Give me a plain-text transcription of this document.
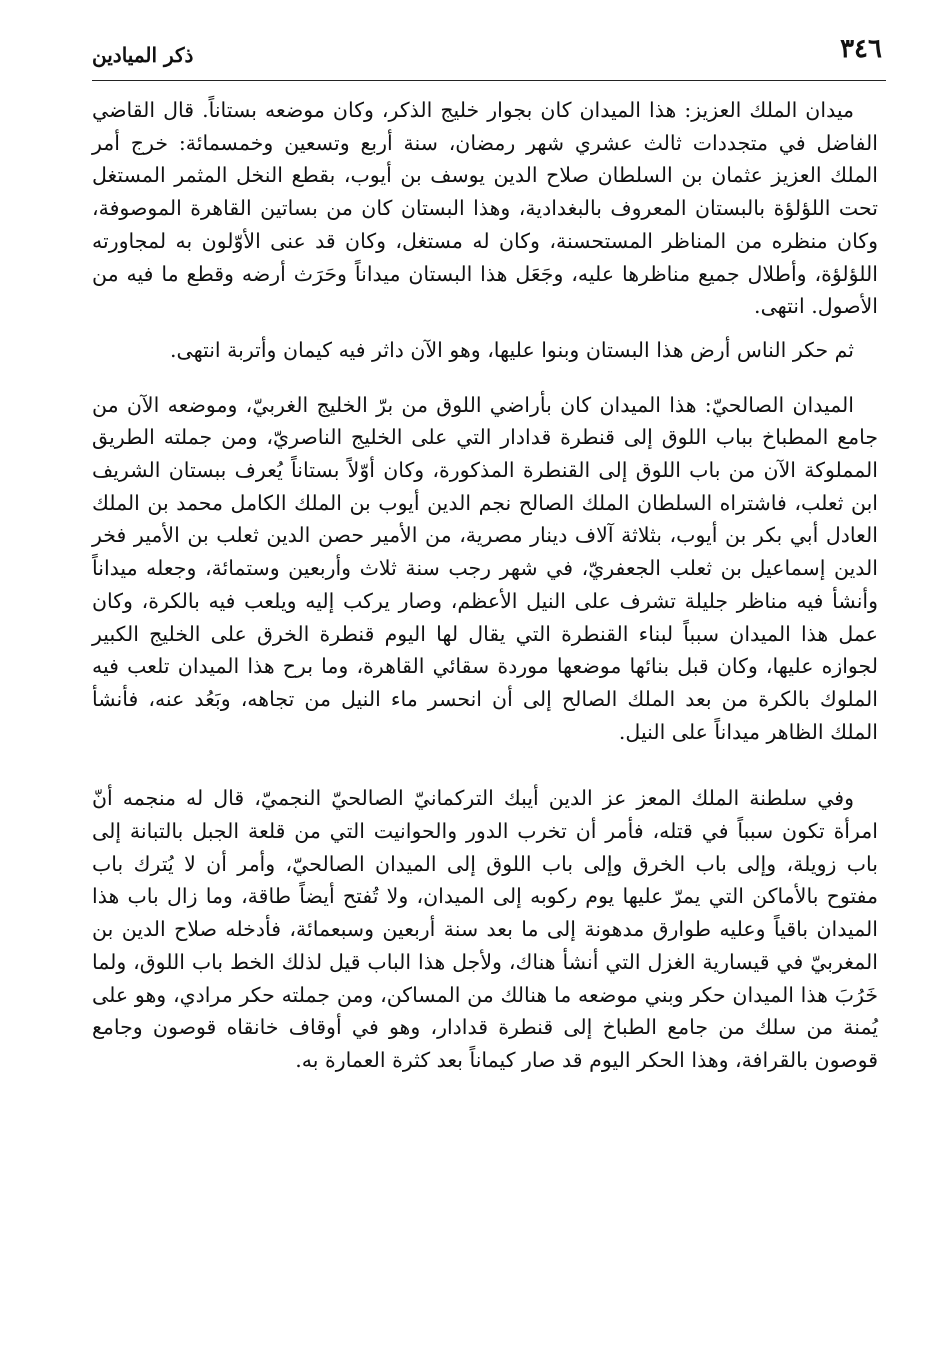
٣٤٦
ذكر الميادين

ميدان الملك العزيز: هذا الميدان كان بجوار خليج الذكر، وكان موضعه بستاناً. قال القاضي الفاضل في متجددات ثالث عشري شهر رمضان، سنة أربع وتسعين وخمسمائة: خرج أمر الملك العزيز عثمان بن السلطان صلاح الدين يوسف بن أيوب، بقطع النخل المثمر المستغل تحت اللؤلؤة بالبستان المعروف بالبغدادية، وهذا البستان كان من بساتين القاهرة الموصوفة، وكان منظره من المناظر المستحسنة، وكان له مستغل، وكان قد عنى الأوّلون به لمجاورته اللؤلؤة، وأطلال جميع مناظرها عليه، وجَعَل هذا البستان ميداناً وحَرَث أرضه وقطع ما فيه من الأصول. انتهى.

ثم حكر الناس أرض هذا البستان وبنوا عليها، وهو الآن داثر فيه كيمان وأتربة انتهى.

الميدان الصالحيّ: هذا الميدان كان بأراضي اللوق من برّ الخليج الغربيّ، وموضعه الآن من جامع المطباخ بباب اللوق إلى قنطرة قدادار التي على الخليج الناصريّ، ومن جملته الطريق المملوكة الآن من باب اللوق إلى القنطرة المذكورة، وكان أوّلاً بستاناً يُعرف ببستان الشريف ابن ثعلب، فاشتراه السلطان الملك الصالح نجم الدين أيوب بن الملك الكامل محمد بن الملك العادل أبي بكر بن أيوب، بثلاثة آلاف دينار مصرية، من الأمير حصن الدين ثعلب بن الأمير فخر الدين إسماعيل بن ثعلب الجعفريّ، في شهر رجب سنة ثلاث وأربعين وستمائة، وجعله ميداناً وأنشأ فيه مناظر جليلة تشرف على النيل الأعظم، وصار يركب إليه ويلعب فيه بالكرة، وكان عمل هذا الميدان سبباً لبناء القنطرة التي يقال لها اليوم قنطرة الخرق على الخليج الكبير لجوازه عليها، وكان قبل بنائها موضعها موردة سقائي القاهرة، وما برح هذا الميدان تلعب فيه الملوك بالكرة من بعد الملك الصالح إلى أن انحسر ماء النيل من تجاهه، وبَعُد عنه، فأنشأ الملك الظاهر ميداناً على النيل.

وفي سلطنة الملك المعز عز الدين أيبك التركمانيّ الصالحيّ النجميّ، قال له منجمه أنّ امرأة تكون سبباً في قتله، فأمر أن تخرب الدور والحوانيت التي من قلعة الجبل بالتبانة إلى باب زويلة، وإلى باب الخرق وإلى باب اللوق إلى الميدان الصالحيّ، وأمر أن لا يُترك باب مفتوح بالأماكن التي يمرّ عليها يوم ركوبه إلى الميدان، ولا تُفتح أيضاً طاقة، وما زال باب هذا الميدان باقياً وعليه طوارق مدهونة إلى ما بعد سنة أربعين وسبعمائة، فأدخله صلاح الدين بن المغربيّ في قيسارية الغزل التي أنشأ هناك، ولأجل هذا الباب قيل لذلك الخط باب اللوق، ولما خَرُبَ هذا الميدان حكر وبني موضعه ما هنالك من المساكن، ومن جملته حكر مرادي، وهو على يُمنة من سلك من جامع الطباخ إلى قنطرة قدادار، وهو في أوقاف خانقاه قوصون وجامع قوصون بالقرافة، وهذا الحكر اليوم قد صار كيماناً بعد كثرة العمارة به.
